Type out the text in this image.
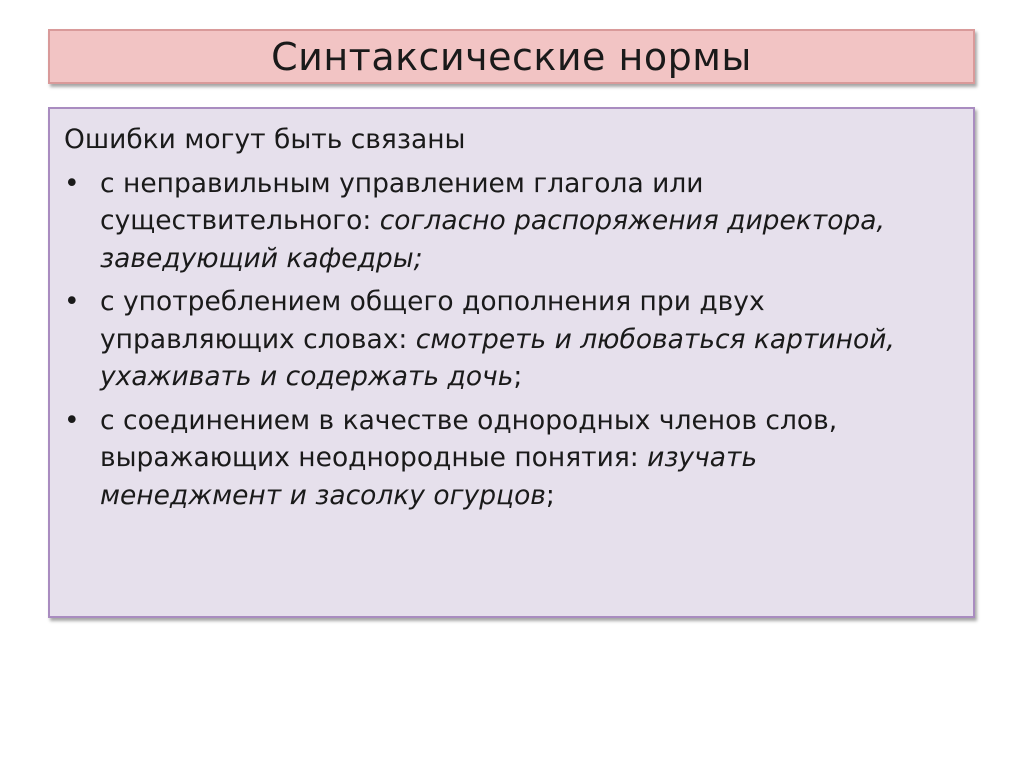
Синтаксические нормы
Ошибки могут быть связаны
• с неправильным управлением глагола или существительного: согласно распоряжения директора, заведующий кафедры;
• с употреблением общего дополнения при двух управляющих словах: смотреть и любоваться картиной, ухаживать и содержать дочь;
• с соединением в качестве однородных членов слов, выражающих неоднородные понятия: изучать менеджмент и засолку огурцов;
